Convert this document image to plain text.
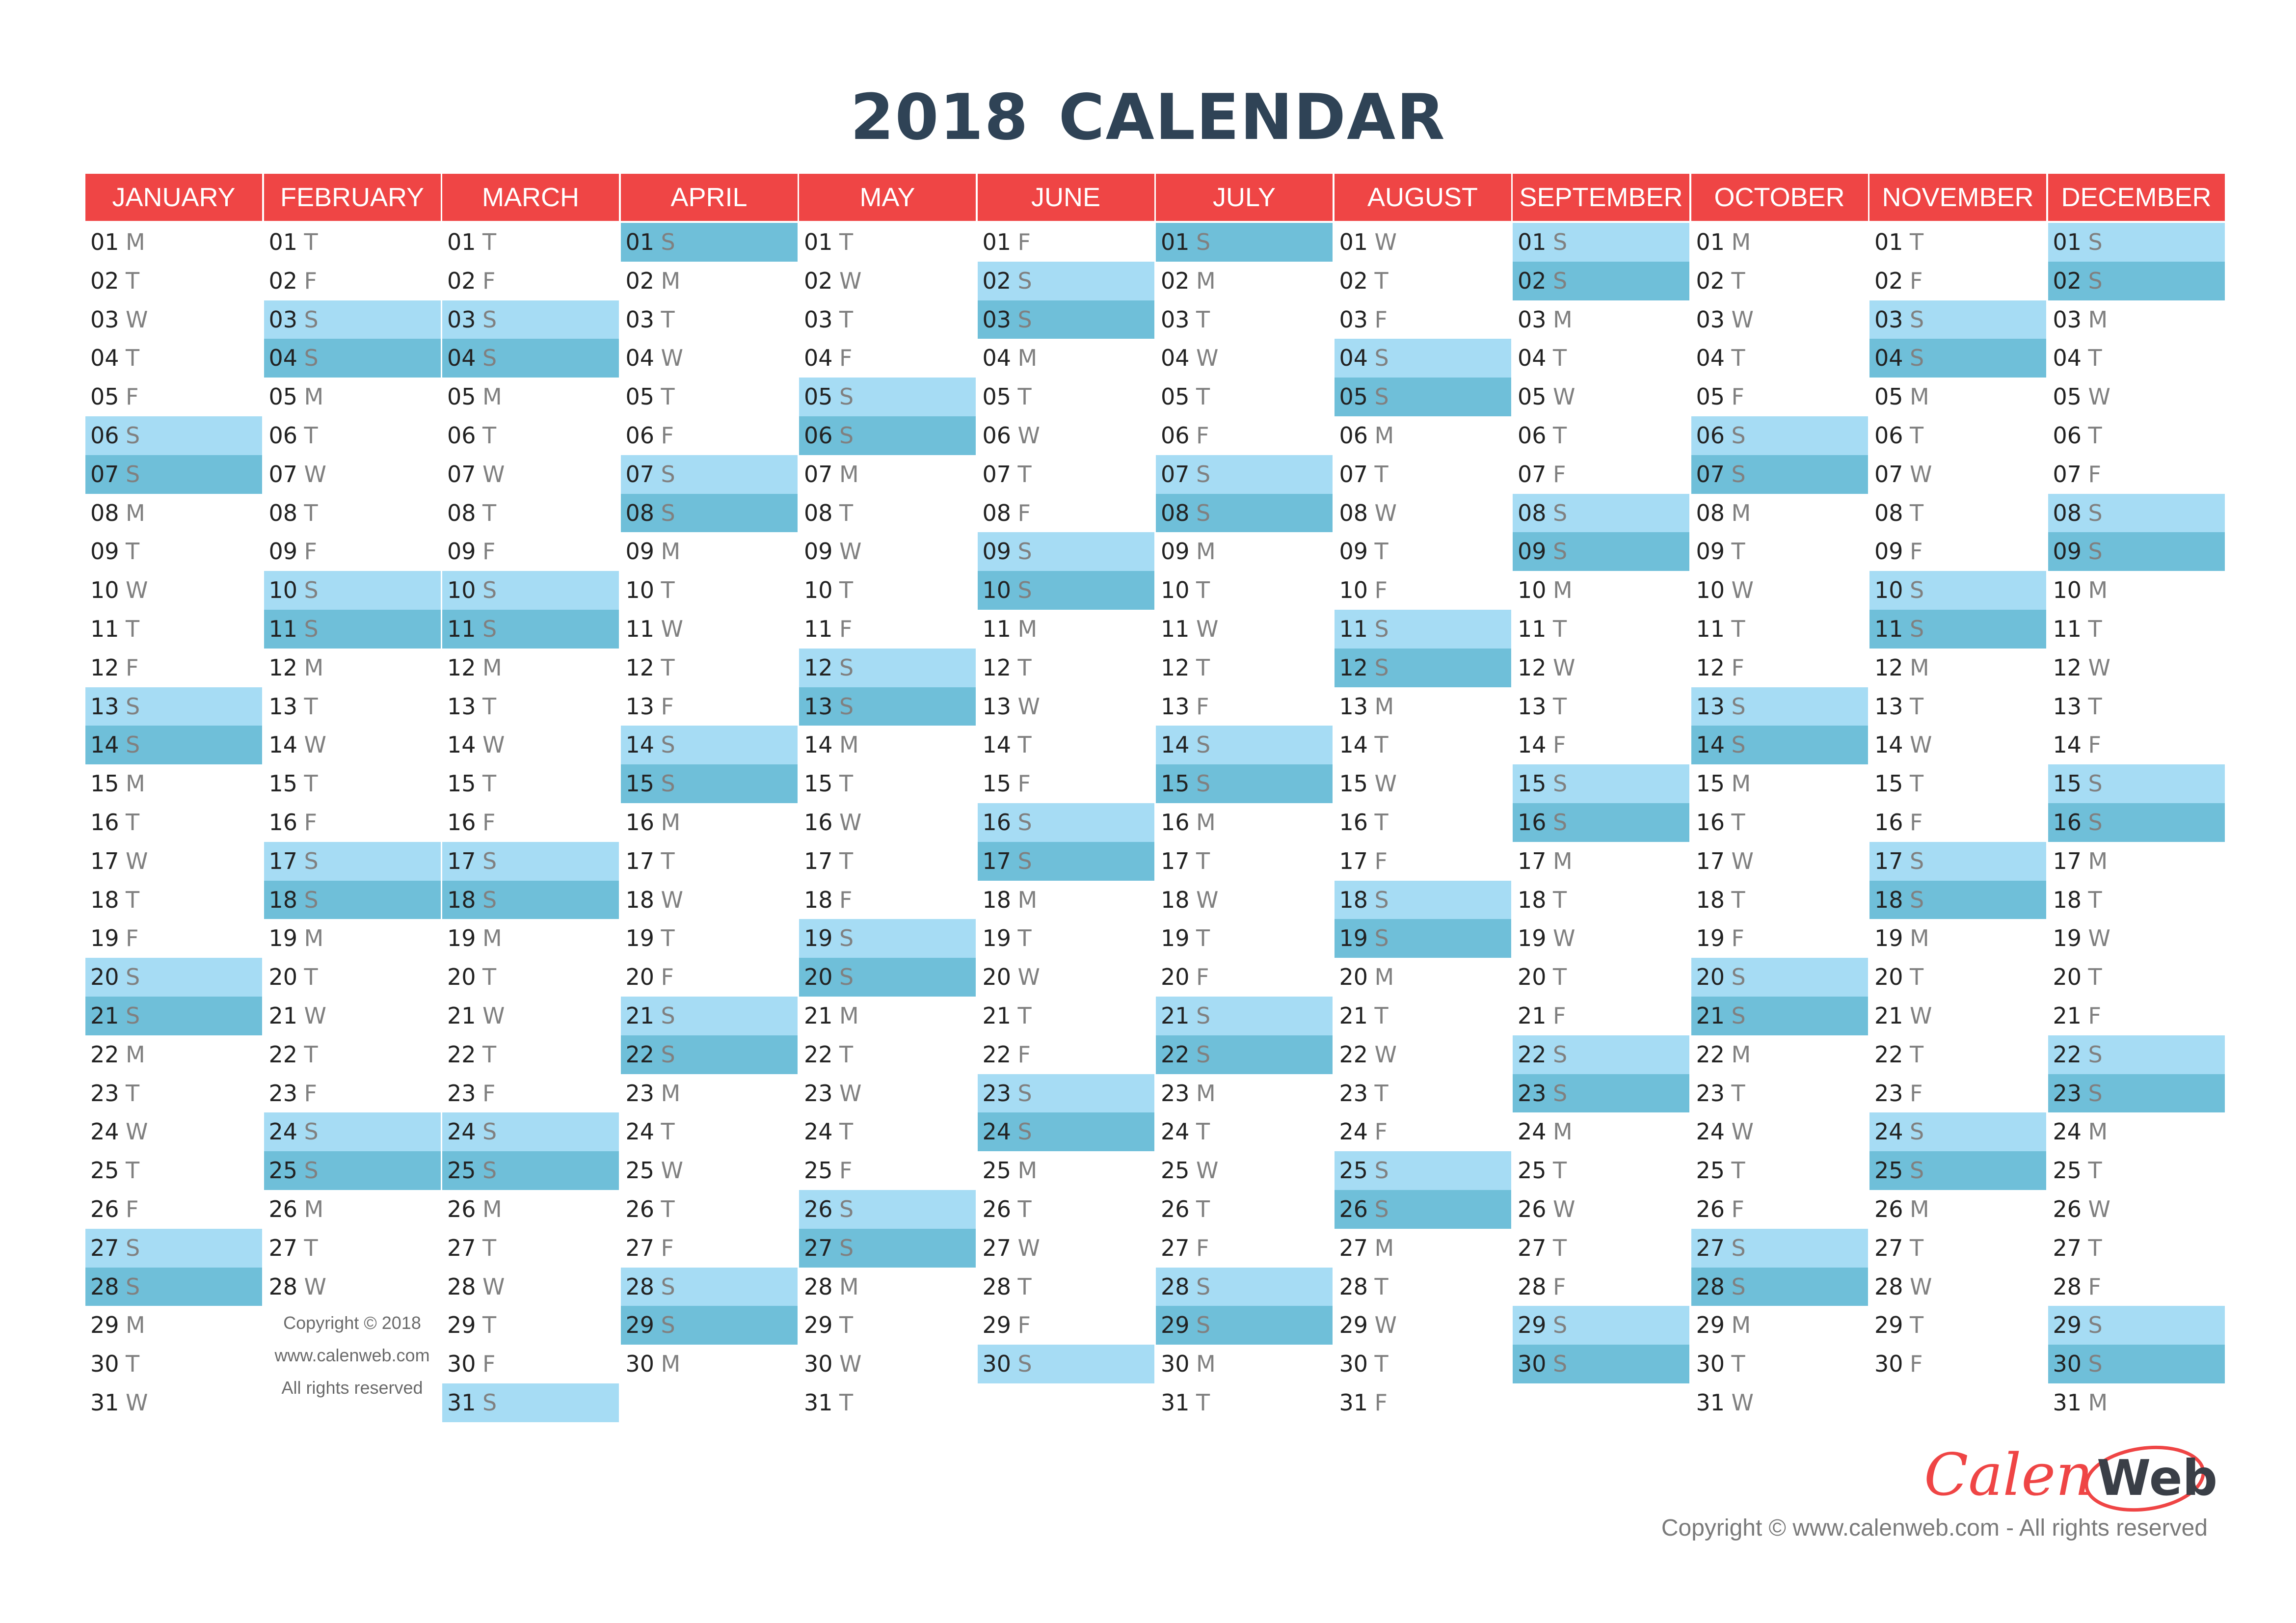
2018 CALENDAR
JANUARY
01 M
02 T
03 W
04 T
05 F
06 S
07 S
08 M
09 T
10 W
11 T
12 F
13 S
14 S
15 M
16 T
17 W
18 T
19 F
20 S
21 S
22 M
23 T
24 W
25 T
26 F
27 S
28 S
29 M
30 T
31 W
FEBRUARY
01 T
02 F
03 S
04 S
05 M
06 T
07 W
08 T
09 F
10 S
11 S
12 M
13 T
14 W
15 T
16 F
17 S
18 S
19 M
20 T
21 W
22 T
23 F
24 S
25 S
26 M
27 T
28 W
Copyright © 2018
www.calenweb.com
All rights reserved
MARCH
01 T
02 F
03 S
04 S
05 M
06 T
07 W
08 T
09 F
10 S
11 S
12 M
13 T
14 W
15 T
16 F
17 S
18 S
19 M
20 T
21 W
22 T
23 F
24 S
25 S
26 M
27 T
28 W
29 T
30 F
31 S
APRIL
01 S
02 M
03 T
04 W
05 T
06 F
07 S
08 S
09 M
10 T
11 W
12 T
13 F
14 S
15 S
16 M
17 T
18 W
19 T
20 F
21 S
22 S
23 M
24 T
25 W
26 T
27 F
28 S
29 S
30 M
MAY
01 T
02 W
03 T
04 F
05 S
06 S
07 M
08 T
09 W
10 T
11 F
12 S
13 S
14 M
15 T
16 W
17 T
18 F
19 S
20 S
21 M
22 T
23 W
24 T
25 F
26 S
27 S
28 M
29 T
30 W
31 T
JUNE
01 F
02 S
03 S
04 M
05 T
06 W
07 T
08 F
09 S
10 S
11 M
12 T
13 W
14 T
15 F
16 S
17 S
18 M
19 T
20 W
21 T
22 F
23 S
24 S
25 M
26 T
27 W
28 T
29 F
30 S
JULY
01 S
02 M
03 T
04 W
05 T
06 F
07 S
08 S
09 M
10 T
11 W
12 T
13 F
14 S
15 S
16 M
17 T
18 W
19 T
20 F
21 S
22 S
23 M
24 T
25 W
26 T
27 F
28 S
29 S
30 M
31 T
AUGUST
01 W
02 T
03 F
04 S
05 S
06 M
07 T
08 W
09 T
10 F
11 S
12 S
13 M
14 T
15 W
16 T
17 F
18 S
19 S
20 M
21 T
22 W
23 T
24 F
25 S
26 S
27 M
28 T
29 W
30 T
31 F
SEPTEMBER
01 S
02 S
03 M
04 T
05 W
06 T
07 F
08 S
09 S
10 M
11 T
12 W
13 T
14 F
15 S
16 S
17 M
18 T
19 W
20 T
21 F
22 S
23 S
24 M
25 T
26 W
27 T
28 F
29 S
30 S
OCTOBER
01 M
02 T
03 W
04 T
05 F
06 S
07 S
08 M
09 T
10 W
11 T
12 F
13 S
14 S
15 M
16 T
17 W
18 T
19 F
20 S
21 S
22 M
23 T
24 W
25 T
26 F
27 S
28 S
29 M
30 T
31 W
NOVEMBER
01 T
02 F
03 S
04 S
05 M
06 T
07 W
08 T
09 F
10 S
11 S
12 M
13 T
14 W
15 T
16 F
17 S
18 S
19 M
20 T
21 W
22 T
23 F
24 S
25 S
26 M
27 T
28 W
29 T
30 F
DECEMBER
01 S
02 S
03 M
04 T
05 W
06 T
07 F
08 S
09 S
10 M
11 T
12 W
13 T
14 F
15 S
16 S
17 M
18 T
19 W
20 T
21 F
22 S
23 S
24 M
25 T
26 W
27 T
28 F
29 S
30 S
31 M
Calen Web
Copyright © www.calenweb.com - All rights reserved
